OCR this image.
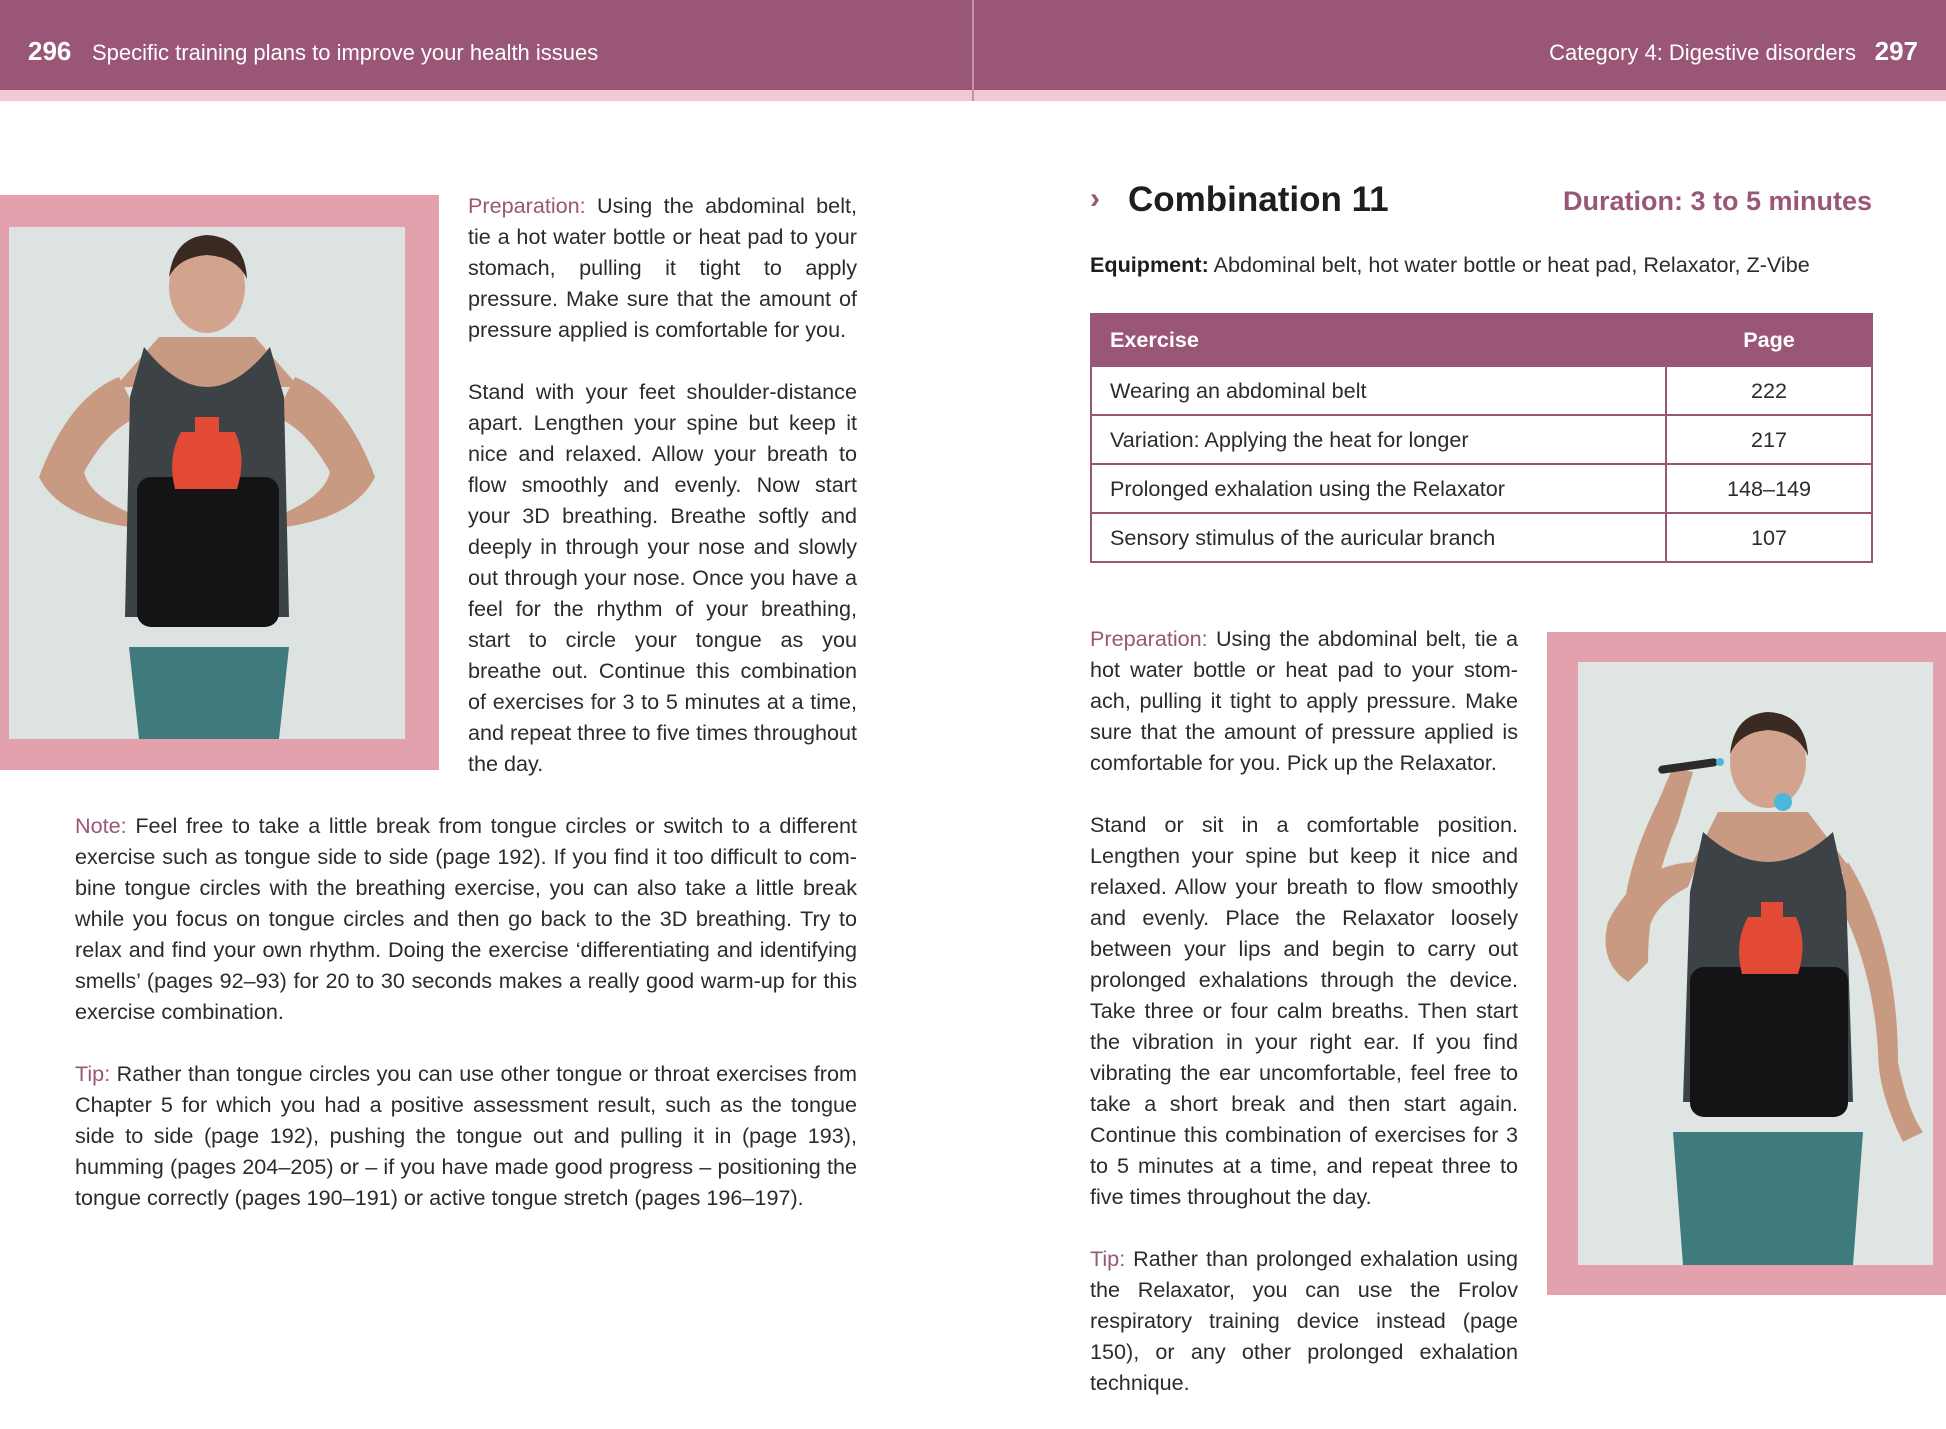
296 Specific training plans to improve your health issues	Category 4: Digestive disorders 297

Preparation: Using the abdominal belt, tie a hot water bottle or heat pad to your stomach, pulling it tight to apply pressure. Make sure that the amount of pressure applied is comfortable for you.

Stand with your feet shoulder-distance apart. Lengthen your spine but keep it nice and relaxed. Allow your breath to flow smoothly and evenly. Now start your 3D breathing. Breathe softly and deeply in through your nose and slowly out through your nose. Once you have a feel for the rhythm of your breathing, start to circle your tongue as you breathe out. Continue this combination of exercises for 3 to 5 minutes at a time, and repeat three to five times throughout the day.

Note: Feel free to take a little break from tongue circles or switch to a different exercise such as tongue side to side (page 192). If you find it too difficult to combine tongue circles with the breathing exercise, you can also take a little break while you focus on tongue circles and then go back to the 3D breathing. Try to relax and find your own rhythm. Doing the exercise ‘differentiating and identifying smells’ (pages 92–93) for 20 to 30 seconds makes a really good warm-up for this exercise combination.

Tip: Rather than tongue circles you can use other tongue or throat exercises from Chapter 5 for which you had a positive assessment result, such as the tongue side to side (page 192), pushing the tongue out and pulling it in (page 193), humming (pages 204–205) or – if you have made good progress – positioning the tongue correctly (pages 190–191) or active tongue stretch (pages 196–197).

› Combination 11	Duration: 3 to 5 minutes
Equipment: Abdominal belt, hot water bottle or heat pad, Relaxator, Z-Vibe
Exercise	Page
Wearing an abdominal belt	222
Variation: Applying the heat for longer	217
Prolonged exhalation using the Relaxator	148–149
Sensory stimulus of the auricular branch	107

Preparation: Using the abdominal belt, tie a hot water bottle or heat pad to your stomach, pulling it tight to apply pressure. Make sure that the amount of pressure applied is comfortable for you. Pick up the Relaxator.

Stand or sit in a comfortable position. Lengthen your spine but keep it nice and relaxed. Allow your breath to flow smoothly and evenly. Place the Relaxator loosely between your lips and begin to carry out prolonged exhalations through the device. Take three or four calm breaths. Then start the vibration in your right ear. If you find vibrating the ear uncomfortable, feel free to take a short break and then start again. Continue this combination of exercises for 3 to 5 minutes at a time, and repeat three to five times throughout the day.

Tip: Rather than prolonged exhalation using the Relaxator, you can use the Frolov respiratory training device instead (page 150), or any other prolonged exhalation technique.
